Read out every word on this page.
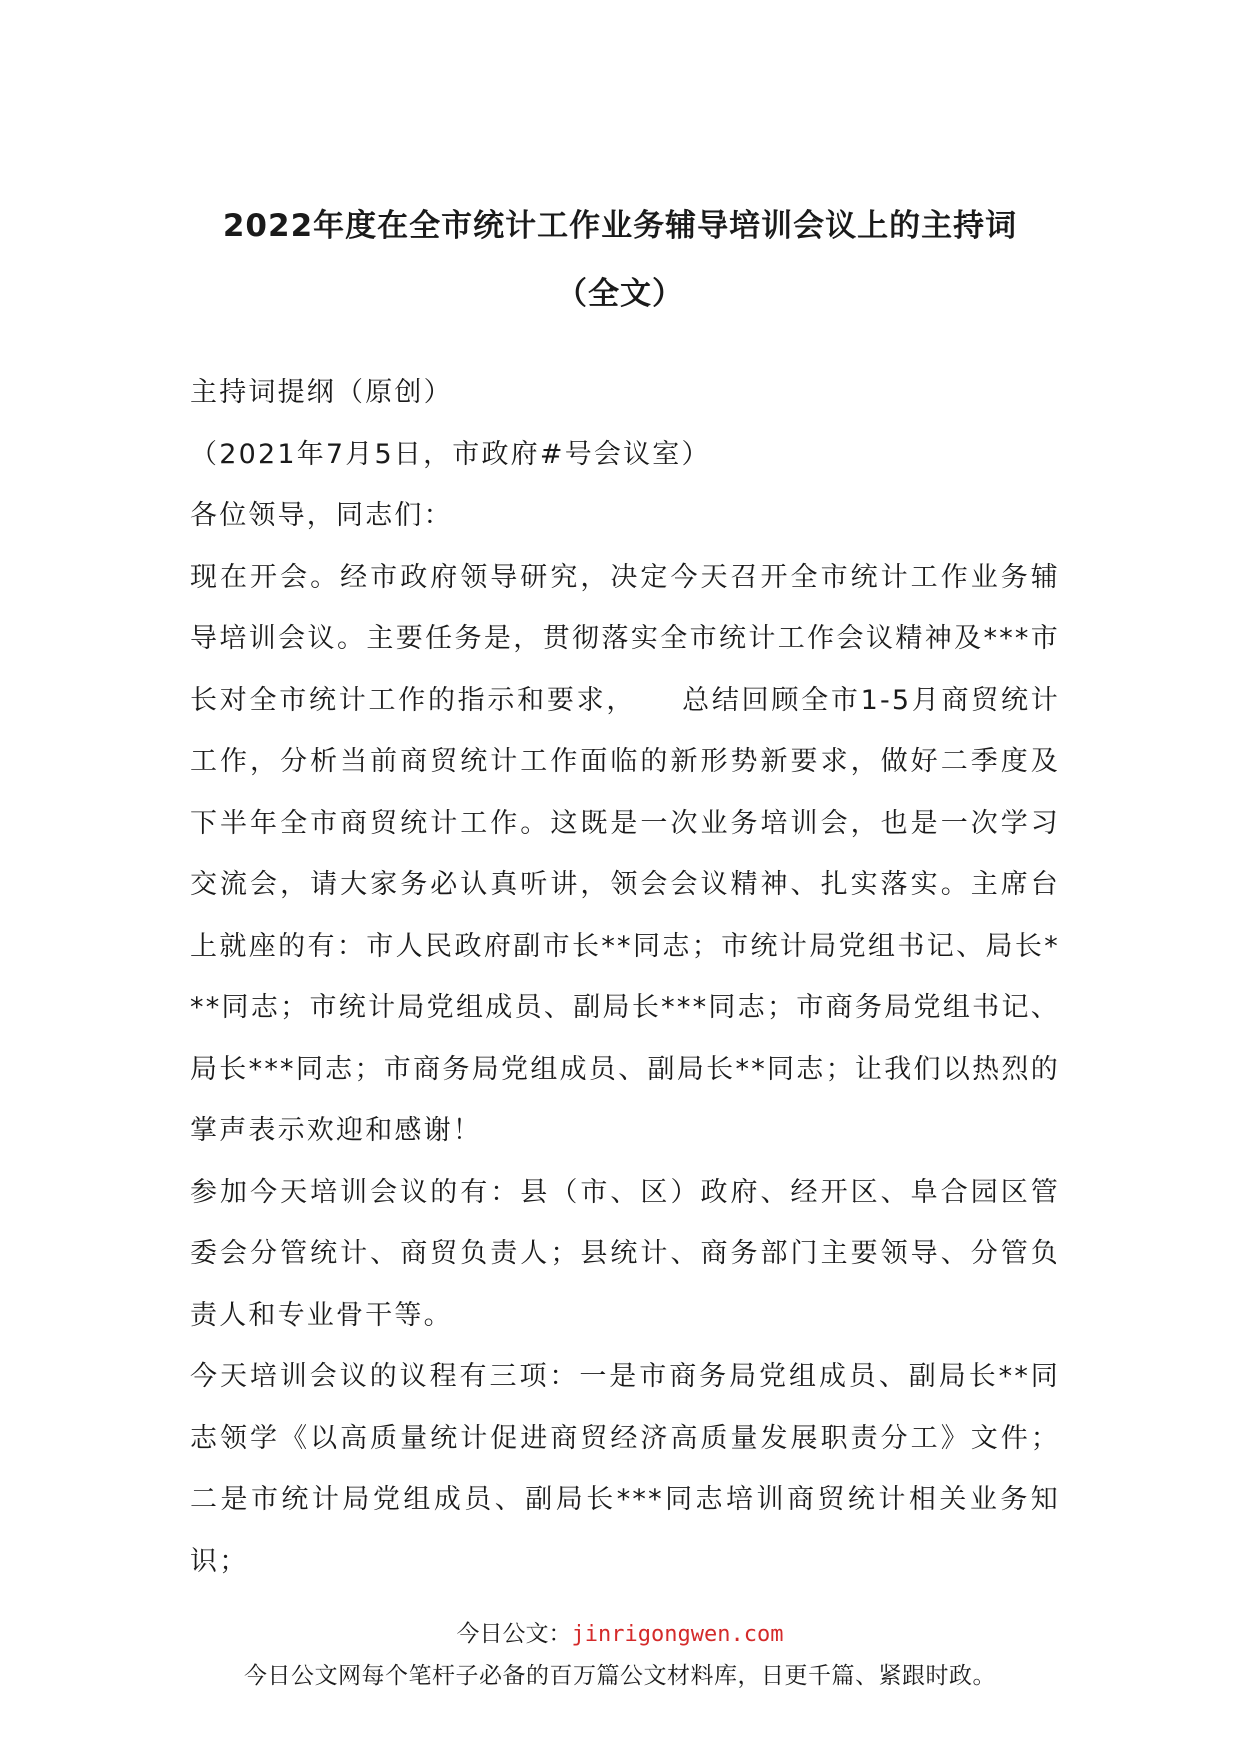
2022年度在全市统计工作业务辅导培训会议上的主持词
（全文）

主持词提纲（原创）

（2021年7月5日，市政府#号会议室）

各位领导，同志们：

现在开会。经市政府领导研究，决定今天召开全市统计工作业务辅导培训会议。主要任务是，贯彻落实全市统计工作会议精神及***市长对全市统计工作的指示和要求，　　总结回顾全市1-5月商贸统计工作，分析当前商贸统计工作面临的新形势新要求，做好二季度及下半年全市商贸统计工作。这既是一次业务培训会，也是一次学习交流会，请大家务必认真听讲，领会会议精神、扎实落实。主席台上就座的有：市人民政府副市长**同志；市统计局党组书记、局长***同志；市统计局党组成员、副局长***同志；市商务局党组书记、局长***同志；市商务局党组成员、副局长**同志；让我们以热烈的掌声表示欢迎和感谢！

参加今天培训会议的有：县（市、区）政府、经开区、阜合园区管委会分管统计、商贸负责人；县统计、商务部门主要领导、分管负责人和专业骨干等。

今天培训会议的议程有三项：一是市商务局党组成员、副局长**同志领学《以高质量统计促进商贸经济高质量发展职责分工》文件；二是市统计局党组成员、副局长***同志培训商贸统计相关业务知识；

今日公文：jinrigongwen.com
今日公文网每个笔杆子必备的百万篇公文材料库，日更千篇、紧跟时政。
